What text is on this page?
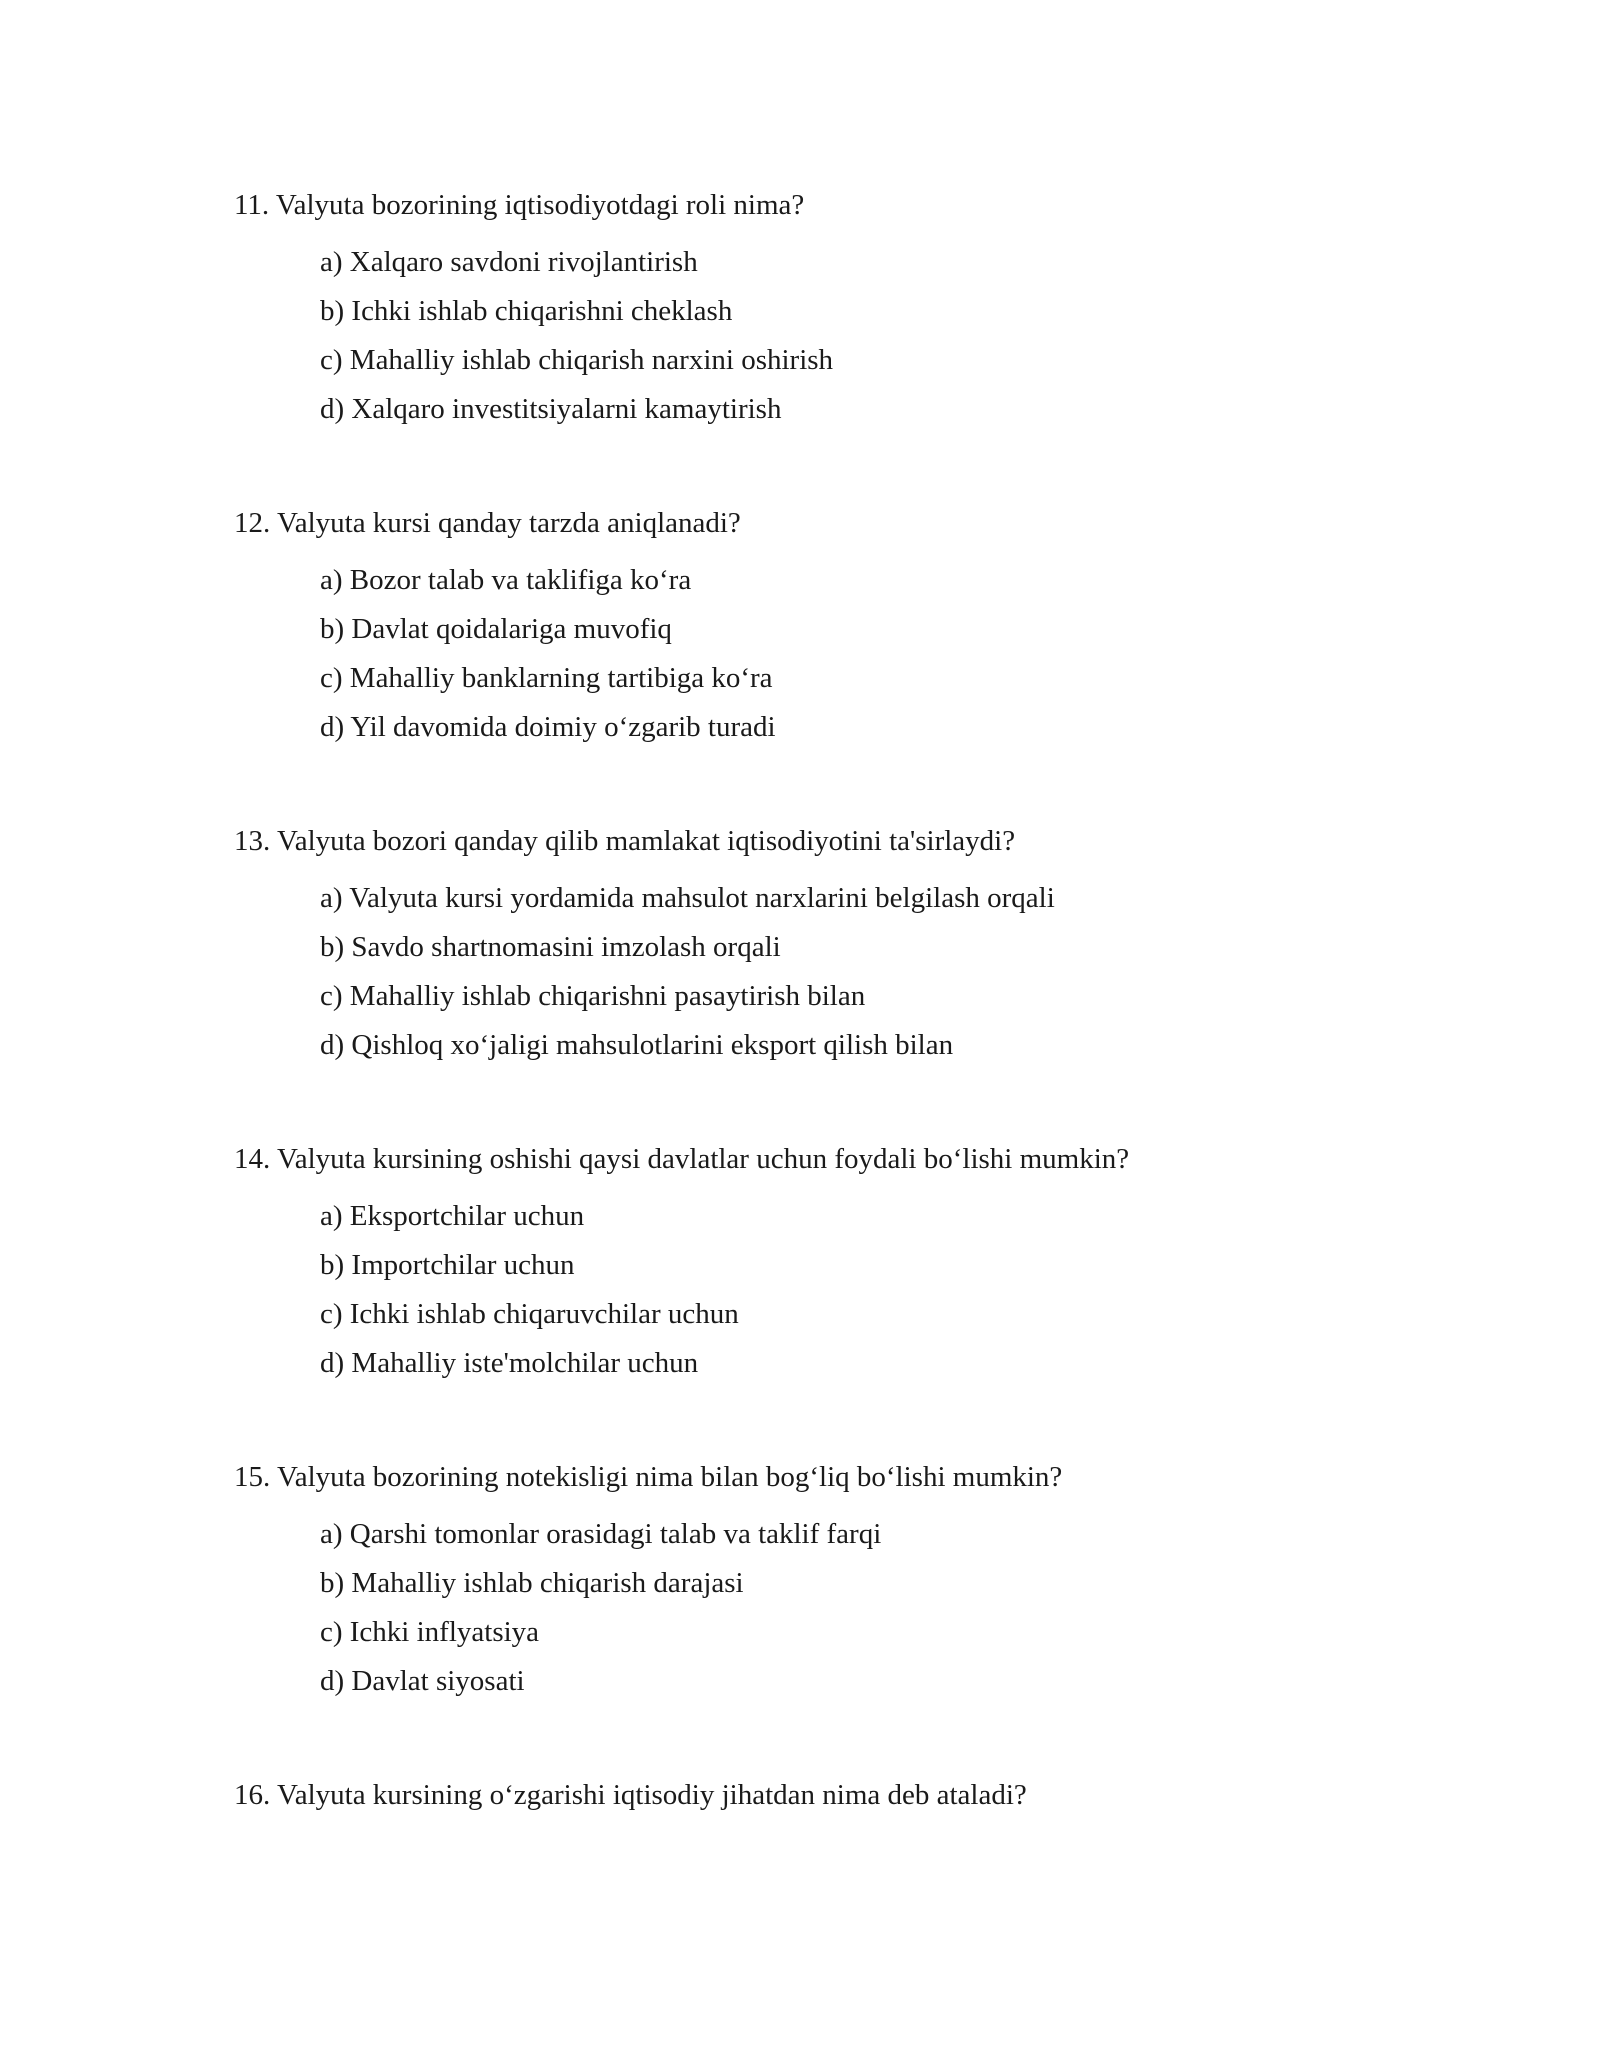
11. Valyuta bozorining iqtisodiyotdagi roli nima?

a) Xalqaro savdoni rivojlantirish
b) Ichki ishlab chiqarishni cheklash
c) Mahalliy ishlab chiqarish narxini oshirish
d) Xalqaro investitsiyalarni kamaytirish

12. Valyuta kursi qanday tarzda aniqlanadi?

a) Bozor talab va taklifiga ko‘ra
b) Davlat qoidalariga muvofiq
c) Mahalliy banklarning tartibiga ko‘ra
d) Yil davomida doimiy o‘zgarib turadi

13. Valyuta bozori qanday qilib mamlakat iqtisodiyotini ta'sirlaydi?

a) Valyuta kursi yordamida mahsulot narxlarini belgilash orqali
b) Savdo shartnomasini imzolash orqali
c) Mahalliy ishlab chiqarishni pasaytirish bilan
d) Qishloq xo‘jaligi mahsulotlarini eksport qilish bilan

14. Valyuta kursining oshishi qaysi davlatlar uchun foydali bo‘lishi mumkin?

a) Eksportchilar uchun
b) Importchilar uchun
c) Ichki ishlab chiqaruvchilar uchun
d) Mahalliy iste'molchilar uchun

15. Valyuta bozorining notekisligi nima bilan bog‘liq bo‘lishi mumkin?

a) Qarshi tomonlar orasidagi talab va taklif farqi
b) Mahalliy ishlab chiqarish darajasi
c) Ichki inflyatsiya
d) Davlat siyosati

16. Valyuta kursining o‘zgarishi iqtisodiy jihatdan nima deb ataladi?
